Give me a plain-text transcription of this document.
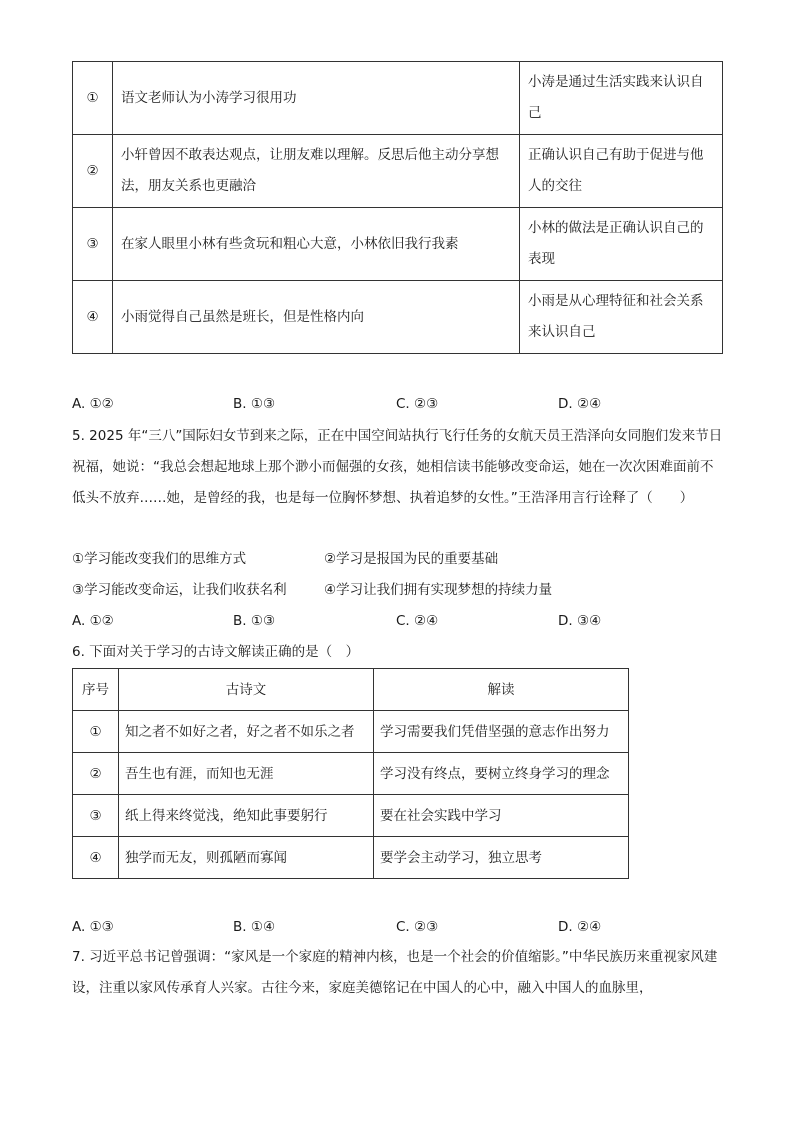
①	语文老师认为小涛学习很用功	小涛是通过生活实践来认识自己
②	小轩曾因不敢表达观点，让朋友难以理解。反思后他主动分享想法，朋友关系也更融洽	正确认识自己有助于促进与他人的交往
③	在家人眼里小林有些贪玩和粗心大意，小林依旧我行我素	小林的做法是正确认识自己的表现
④	小雨觉得自己虽然是班长，但是性格内向	小雨是从心理特征和社会关系来认识自己
A. ①②	B. ①③	C. ②③	D. ②④
5. 2025 年“三八”国际妇女节到来之际，正在中国空间站执行飞行任务的女航天员王浩泽向女同胞们发来节日祝福，她说：“我总会想起地球上那个渺小而倔强的女孩，她相信读书能够改变命运，她在一次次困难面前不低头不放弃……她，是曾经的我，也是每一位胸怀梦想、执着追梦的女性。”王浩泽用言行诠释了（　　）
①学习能改变我们的思维方式	②学习是报国为民的重要基础
③学习能改变命运，让我们收获名利	④学习让我们拥有实现梦想的持续力量
A. ①②	B. ①③	C. ②④	D. ③④
6. 下面对关于学习的古诗文解读正确的是（　）
序号	古诗文	解读
①	知之者不如好之者，好之者不如乐之者	学习需要我们凭借坚强的意志作出努力
②	吾生也有涯，而知也无涯	学习没有终点，要树立终身学习的理念
③	纸上得来终觉浅，绝知此事要躬行	要在社会实践中学习
④	独学而无友，则孤陋而寡闻	要学会主动学习，独立思考
A. ①③	B. ①④	C. ②③	D. ②④
7. 习近平总书记曾强调：“家风是一个家庭的精神内核，也是一个社会的价值缩影。”中华民族历来重视家风建设，注重以家风传承育人兴家。古往今来，家庭美德铭记在中国人的心中，融入中国人的血脉里，
